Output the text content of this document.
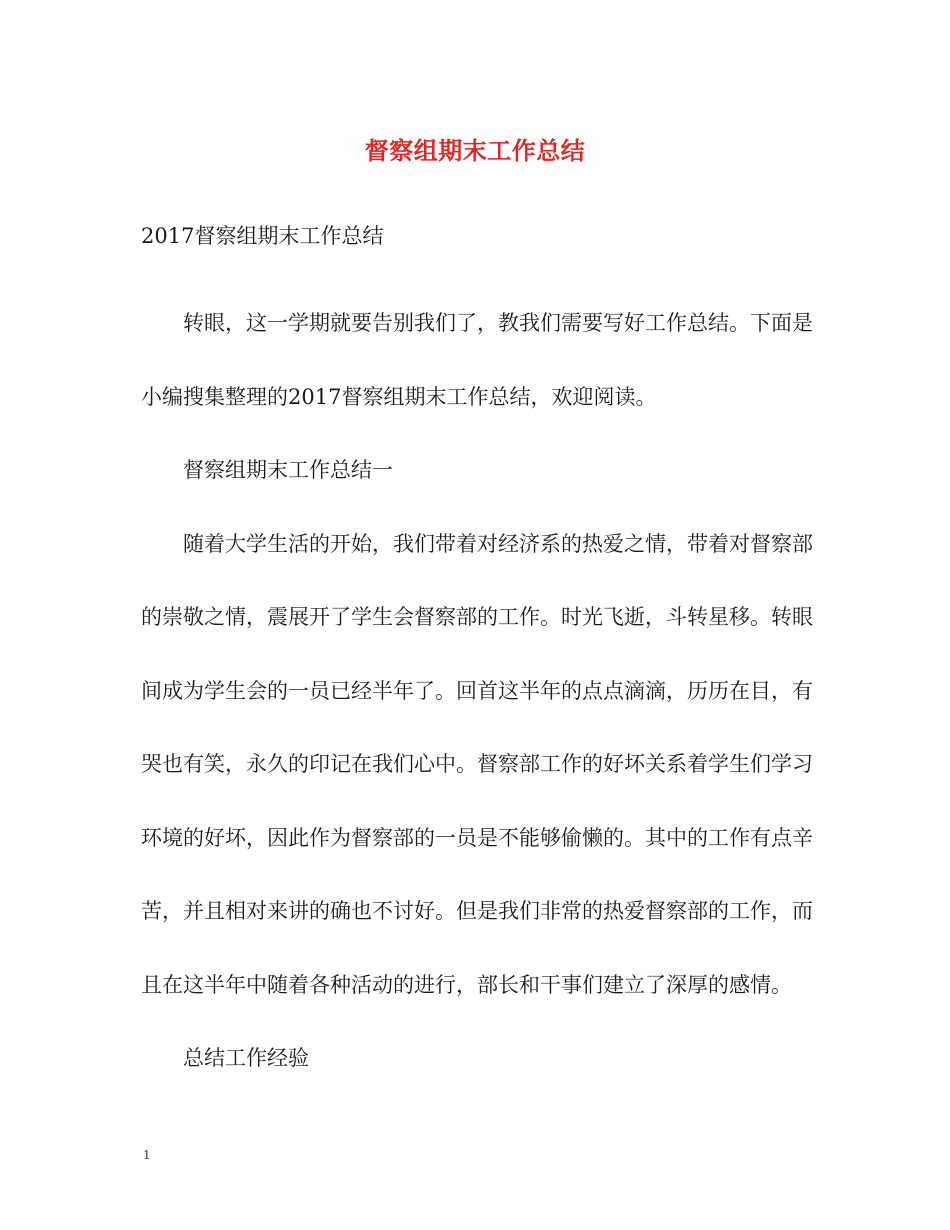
督察组期末工作总结

2017督察组期末工作总结

转眼，这一学期就要告别我们了，教我们需要写好工作总结。下面是小编搜集整理的2017督察组期末工作总结，欢迎阅读。

督察组期末工作总结一

随着大学生活的开始，我们带着对经济系的热爱之情，带着对督察部的崇敬之情，震展开了学生会督察部的工作。时光飞逝，斗转星移。转眼间成为学生会的一员已经半年了。回首这半年的点点滴滴，历历在目，有哭也有笑，永久的印记在我们心中。督察部工作的好坏关系着学生们学习环境的好坏，因此作为督察部的一员是不能够偷懒的。其中的工作有点辛苦，并且相对来讲的确也不讨好。但是我们非常的热爱督察部的工作，而且在这半年中随着各种活动的进行，部长和干事们建立了深厚的感情。

总结工作经验

1
